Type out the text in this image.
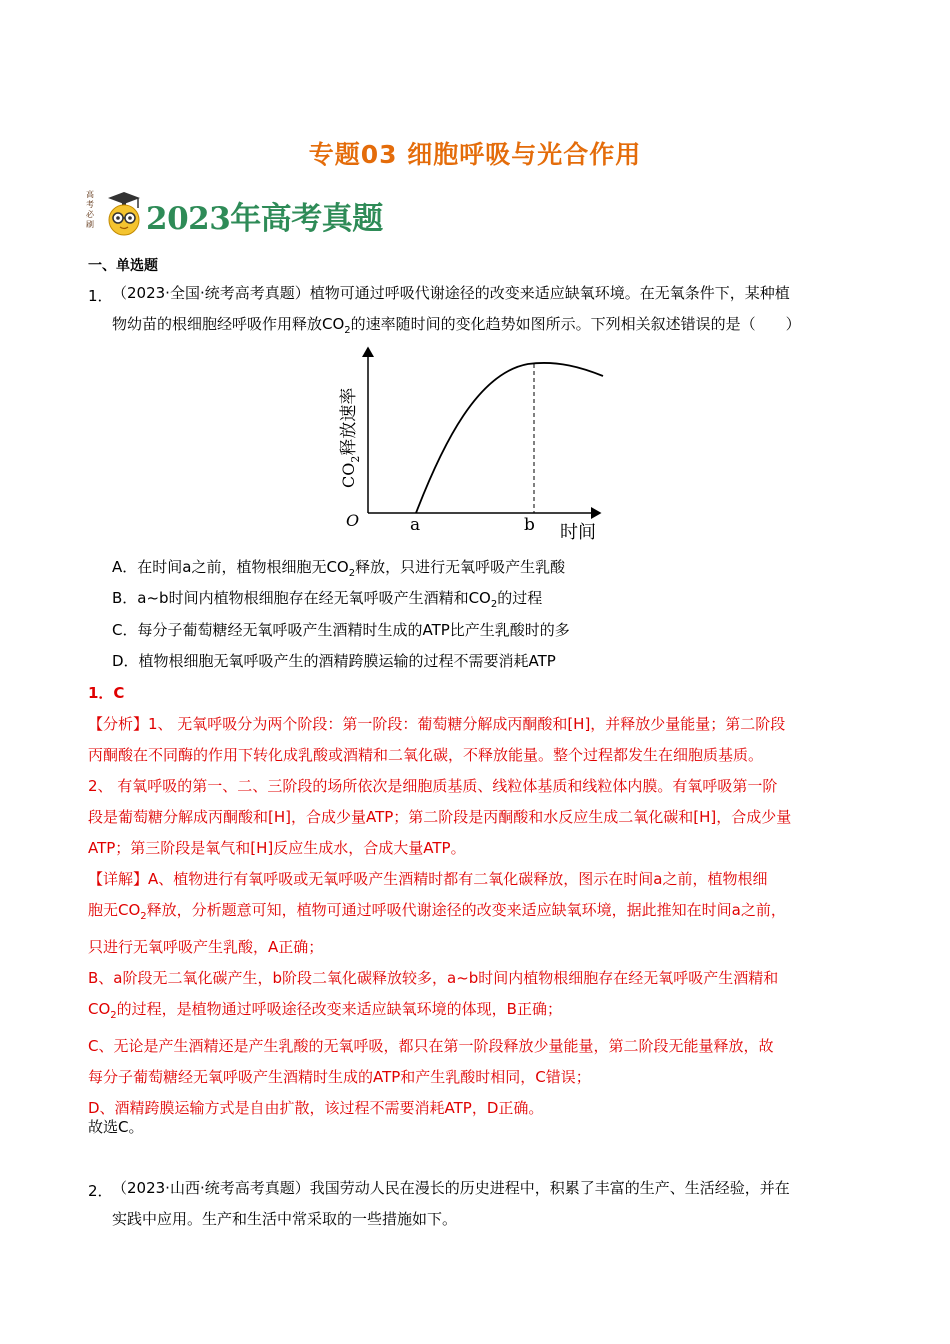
专题03 细胞呼吸与光合作用
高考必刷 2023年高考真题
一、单选题
1． （2023·全国·统考高考真题）植物可通过呼吸代谢途径的改变来适应缺氧环境。在无氧条件下，某种植
物幼苗的根细胞经呼吸作用释放$CO_2$的速率随时间的变化趋势如图所示。下列相关叙述错误的是（　　）
O	a	b 时间
$CO_2$释放速率
A．在时间a之前，植物根细胞无$CO_2$释放，只进行无氧呼吸产生乳酸
B．a~b时间内植物根细胞存在经无氧呼吸产生酒精和$CO_2$的过程
C．每分子葡萄糖经无氧呼吸产生酒精时生成的ATP比产生乳酸时的多
D．植物根细胞无氧呼吸产生的酒精跨膜运输的过程不需要消耗ATP
1．C
【分析】1、 无氧呼吸分为两个阶段：第一阶段：葡萄糖分解成丙酮酸和[H]，并释放少量能量；第二阶段
丙酮酸在不同酶的作用下转化成乳酸或酒精和二氧化碳，不释放能量。整个过程都发生在细胞质基质。
2、 有氧呼吸的第一、二、三阶段的场所依次是细胞质基质、线粒体基质和线粒体内膜。有氧呼吸第一阶
段是葡萄糖分解成丙酮酸和[H]，合成少量ATP；第二阶段是丙酮酸和水反应生成二氧化碳和[H]，合成少量
ATP；第三阶段是氧气和[H]反应生成水，合成大量ATP。
【详解】A、植物进行有氧呼吸或无氧呼吸产生酒精时都有二氧化碳释放，图示在时间a之前，植物根细
胞无$CO_2$释放，分析题意可知，植物可通过呼吸代谢途径的改变来适应缺氧环境，据此推知在时间a之前，
只进行无氧呼吸产生乳酸，A正确；
B、a阶段无二氧化碳产生，b阶段二氧化碳释放较多，a~b时间内植物根细胞存在经无氧呼吸产生酒精和
$CO_2$的过程，是植物通过呼吸途径改变来适应缺氧环境的体现，B正确；
C、无论是产生酒精还是产生乳酸的无氧呼吸，都只在第一阶段释放少量能量，第二阶段无能量释放，故
每分子葡萄糖经无氧呼吸产生酒精时生成的ATP和产生乳酸时相同，C错误；
D、酒精跨膜运输方式是自由扩散，该过程不需要消耗ATP，D正确。
故选C。
2． （2023·山西·统考高考真题）我国劳动人民在漫长的历史进程中，积累了丰富的生产、生活经验，并在
实践中应用。生产和生活中常采取的一些措施如下。
